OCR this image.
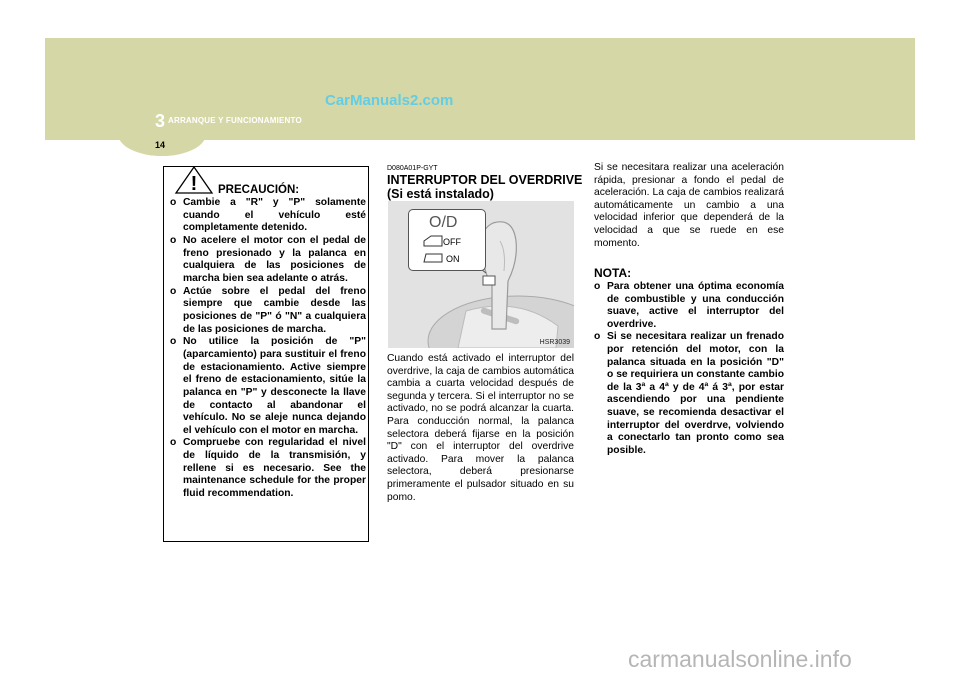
3 ARRANQUE Y FUNCIONAMIENTO
CarManuals2.com
14
! PRECAUCIÓN:
o Cambie a "R" y "P" solamente cuando el vehículo esté completamente detenido.
o No acelere el motor con el pedal de freno presionado y la palanca en cualquiera de las posiciones de marcha bien sea adelante o atrás.
o Actúe sobre el pedal del freno siempre que cambie desde las posiciones de "P" ó "N" a cualquiera de las posiciones de marcha.
o No utilice la posición de "P" (aparcamiento) para sustituir el freno de estacionamiento. Active siempre el freno de estacionamiento, sitúe la palanca en "P" y desconecte la llave de contacto al abandonar el vehículo. No se aleje nunca dejando el vehículo con el motor en marcha.
o Compruebe con regularidad el nivel de líquido de la transmisión, y rellene si es necesario. See the maintenance schedule for the proper fluid recommendation.
D080A01P-GYT
INTERRUPTOR DEL OVERDRIVE (Si está instalado)
O/D
OFF
ON
HSR3039

Cuando está activado el interruptor del overdrive, la caja de cambios automática cambia a cuarta velocidad después de segunda y tercera. Si el interruptor no se activado, no se podrá alcanzar la cuarta. Para conducción normal, la palanca selectora deberá fijarse en la posición "D" con el interruptor del overdrive activado. Para mover la palanca selectora, deberá presionarse primeramente el pulsador situado en su pomo.

Si se necesitara realizar una aceleración rápida, presionar a fondo el pedal de aceleración. La caja de cambios realizará automáticamente un cambio a una velocidad inferior que dependerá de la velocidad a que se ruede en ese momento.

NOTA:
o Para obtener una óptima economía de combustible y una conducción suave, active el interruptor del overdrive.
o Si se necesitara realizar un frenado por retención del motor, con la palanca situada en la posición "D" o se requiriera un constante cambio de la 3ª a 4ª y de 4ª á 3ª, por estar ascendiendo por una pendiente suave, se recomienda desactivar el interruptor del overdrve, volviendo a conectarlo tan pronto como sea posible.
carmanualsonline.info
